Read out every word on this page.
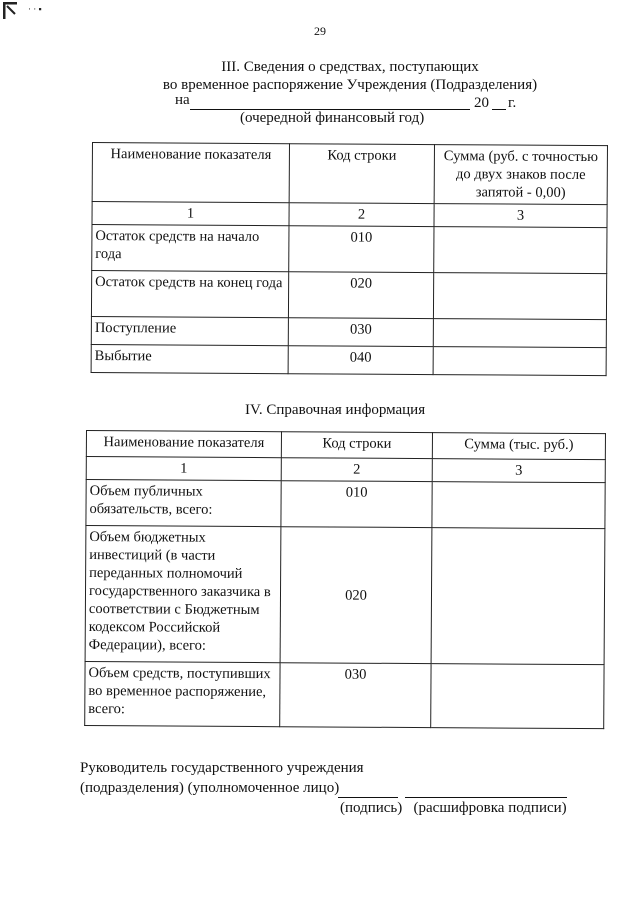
· · ▪
29
III. Сведения о средствах, поступающих
во временное распоряжение Учреждения (Подразделения)
на	20 г.
(очередной финансовый год)
Наименование показателя	Код строки	Сумма (руб. с точностью до двух знаков после запятой - 0,00)
1	2	3
Остаток средств на начало года	010	
Остаток средств на конец года	020	
Поступление	030	
Выбытие	040	
IV. Справочная информация
Наименование показателя	Код строки	Сумма (тыс. руб.)
1	2	3
Объем публичных обязательств, всего:	010	
Объем бюджетных инвестиций (в части переданных полномочий государственного заказчика в соответствии с Бюджетным кодексом Российской Федерации), всего:	020	
Объем средств, поступивших во временное распоряжение, всего:	030	
Руководитель государственного учреждения
(подразделения) (уполномоченное лицо)
(подпись) (расшифровка подписи)
